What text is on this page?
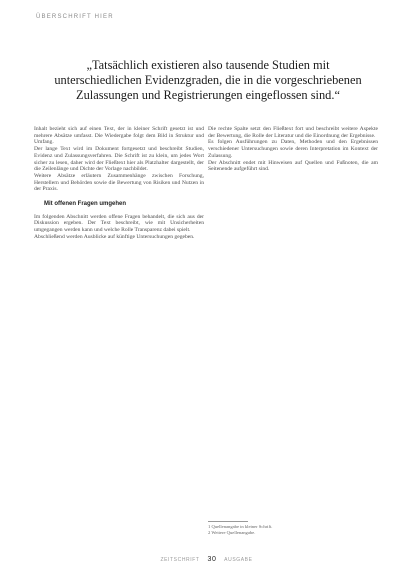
ÜBERSCHRIFT HIER
„Tatsächlich existieren also tausende Studien mit
unterschiedlichen Evidenzgraden, die in die vorgeschriebenen
Zulassungen und Registrierungen eingeflossen sind.“

Inhalt bezieht sich auf einen Text, der in kleiner Schrift gesetzt ist und mehrere Absätze umfasst. Die Wiedergabe folgt dem Bild in Struktur und Umfang.

Der lange Text wird im Dokument fortgesetzt und beschreibt Studien, Evidenz und Zulassungsverfahren. Die Schrift ist zu klein, um jedes Wort sicher zu lesen, daher wird der Fließtext hier als Platzhalter dargestellt, der die Zeilenlänge und Dichte der Vorlage nachbildet.

Weitere Absätze erläutern Zusammenhänge zwischen Forschung, Herstellern und Behörden sowie die Bewertung von Risiken und Nutzen in der Praxis.

Mit offenen Fragen umgehen

Im folgenden Abschnitt werden offene Fragen behandelt, die sich aus der Diskussion ergeben. Der Text beschreibt, wie mit Unsicherheiten umgegangen werden kann und welche Rolle Transparenz dabei spielt.

Abschließend werden Ausblicke auf künftige Untersuchungen gegeben.

Die rechte Spalte setzt den Fließtext fort und beschreibt weitere Aspekte der Bewertung, die Rolle der Literatur und die Einordnung der Ergebnisse.

Es folgen Ausführungen zu Daten, Methoden und den Ergebnissen verschiedener Untersuchungen sowie deren Interpretation im Kontext der Zulassung.

Der Abschnitt endet mit Hinweisen auf Quellen und Fußnoten, die am Seitenende aufgeführt sind.

1 Quellenangabe in kleiner Schrift.
2 Weitere Quellenangabe.
ZEITSCHRIFT 30 AUSGABE
